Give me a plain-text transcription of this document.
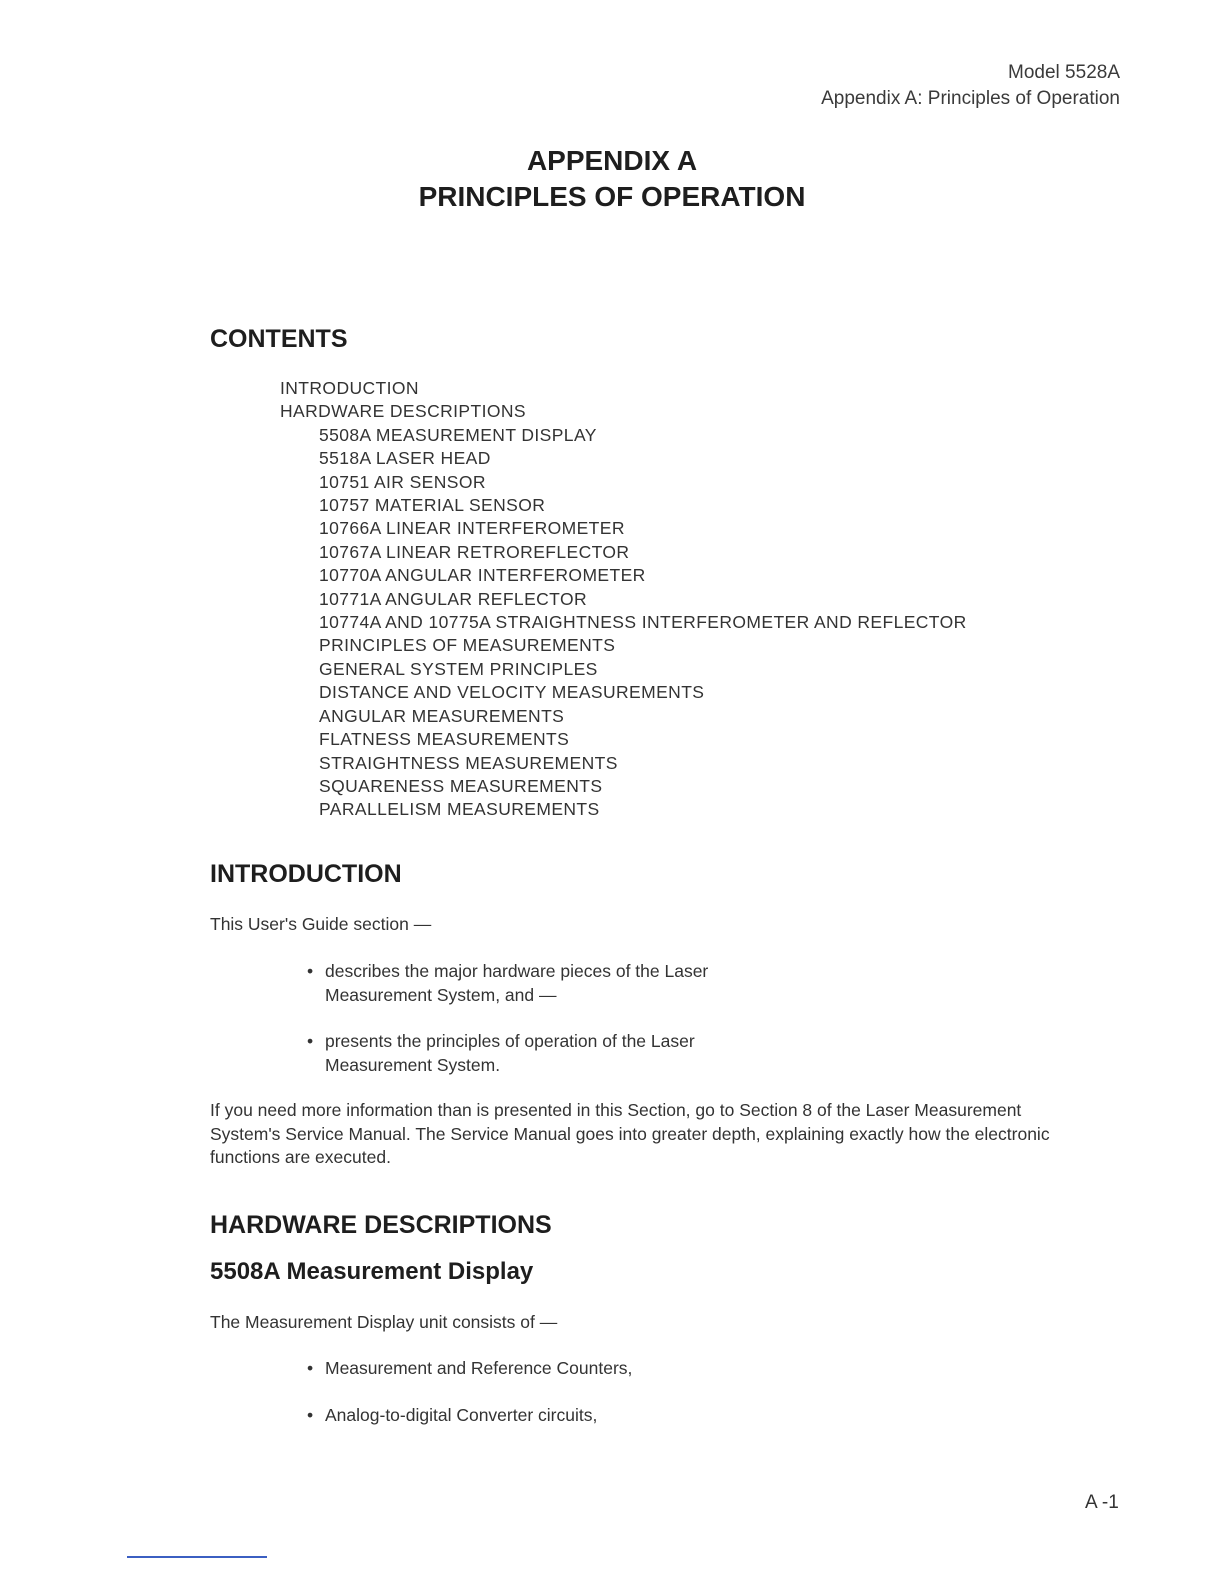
Model 5528A
Appendix A: Principles of Operation
APPENDIX A
PRINCIPLES OF OPERATION
CONTENTS
INTRODUCTION
HARDWARE DESCRIPTIONS
5508A MEASUREMENT DISPLAY
5518A LASER HEAD
10751 AIR SENSOR
10757 MATERIAL SENSOR
10766A LINEAR INTERFEROMETER
10767A LINEAR RETROREFLECTOR
10770A ANGULAR INTERFEROMETER
10771A ANGULAR REFLECTOR
10774A AND 10775A STRAIGHTNESS INTERFEROMETER AND REFLECTOR
PRINCIPLES OF MEASUREMENTS
GENERAL SYSTEM PRINCIPLES
DISTANCE AND VELOCITY MEASUREMENTS
ANGULAR MEASUREMENTS
FLATNESS MEASUREMENTS
STRAIGHTNESS MEASUREMENTS
SQUARENESS MEASUREMENTS
PARALLELISM MEASUREMENTS
INTRODUCTION

This User's Guide section —

• describes the major hardware pieces of the Laser Measurement System, and —
• presents the principles of operation of the Laser Measurement System.

If you need more information than is presented in this Section, go to Section 8 of the Laser Measurement System's Service Manual. The Service Manual goes into greater depth, explaining exactly how the electronic functions are executed.

HARDWARE DESCRIPTIONS
5508A Measurement Display

The Measurement Display unit consists of —

• Measurement and Reference Counters,
• Analog-to-digital Converter circuits,
A -1
